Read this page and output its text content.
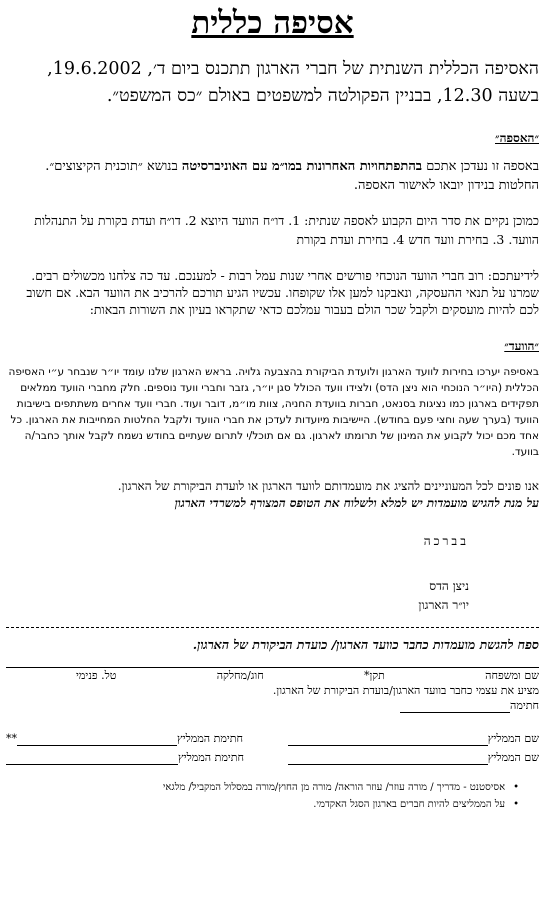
אסיפה כללית

האסיפה הכללית השנתית של חברי הארגון תתכנס ביום ד׳, 19.6.2002, בשעה 12.30, בבניין הפקולטה למשפטים באולם ״כס המשפט״.

״האספה״

באספה זו נעדכן אתכם בהתפתחויות האחרונות במו״מ עם האוניברסיטה בנושא ״תוכנית הקיצוצים״. החלטות בנידון יובאו לאישור האספה.

כמוכן נקיים את סדר היום הקבוע לאספה שנתית: 1. דו״ח הוועד היוצא 2. דו״ח ועדת בקורת על התנהלות הוועד. 3. בחירת וועד חדש 4. בחירת ועדת בקורת

לידיעתכם: רוב חברי הוועד הנוכחי פורשים אחרי שנות עמל רבות - למענכם. עד כה צלחנו מכשולים רבים. שמרנו על תנאי ההעסקה, ונאבקנו למען אלו שקופחו. עכשיו הגיע תורכם להרכיב את הוועד הבא. אם חשוב לכם להיות מועסקים ולקבל שכר הולם בעבור עמלכם כדאי שתקראו בעיון את השורות הבאות:

״הוועד״

באסיפה יערכו בחירות לוועד הארגון ולועדת הביקורת בהצבעה גלויה. בראש הארגון שלנו עומד יו״ר שנבחר ע״י האסיפה הכללית (היו״ר הנוכחי הוא ניצן הדס) ולצידו וועד הכולל סגן יו״ר, גזבר וחברי וועד נוספים. חלק מחברי הוועד ממלאים תפקידים בארגון כמו נציגות בסנאט, חברות בוועדת החניה, צוות מו״מ, דובר ועוד. חברי וועד אחרים משתתפים בישיבות הוועד (בערך שעה וחצי פעם בחודש). היישיבות מיועדות לעדכן את חברי הוועד ולקבל החלטות המחייבות את הארגון. כל אחד מכם יכול לקבוע את המינון של תרומתו לארגון. גם אם תוכל/י לתרום שעתיים בחודש נשמח לקבל אותך כחבר/ה בוועד.

אנו פונים לכל המעוניינים להציג את מועמדותם לוועד הארגון או לועדת הביקורת של הארגון.

על מנת להגיש מועמדות יש למלא ולשלוח את הטופס המצורף למשרדי הארגון

בברכה

ניצן הדס

יו״ר הארגון

ספח להגשת מועמדות כחבר כוועד הארגון/ כועדת הביקורת של הארגון.

שם ומשפחה
תקן*
חוג/מחלקה
טל. פנימי

מציע את עצמי כחבר בוועד הארגון/בועדת הביקורת של הארגון.

חתימה

שם הממליץ
חתימת הממליץ**
שם הממליץ
חתימת הממליץ
• אסיסטנט - מדריך / מורה עוזר/ עוזר הוראה/ מורה מן החוץ/מורה במסלול המקביל/ מלגאי
• על הממליצים להיות חברים בארגון הסגל האקדמי.
